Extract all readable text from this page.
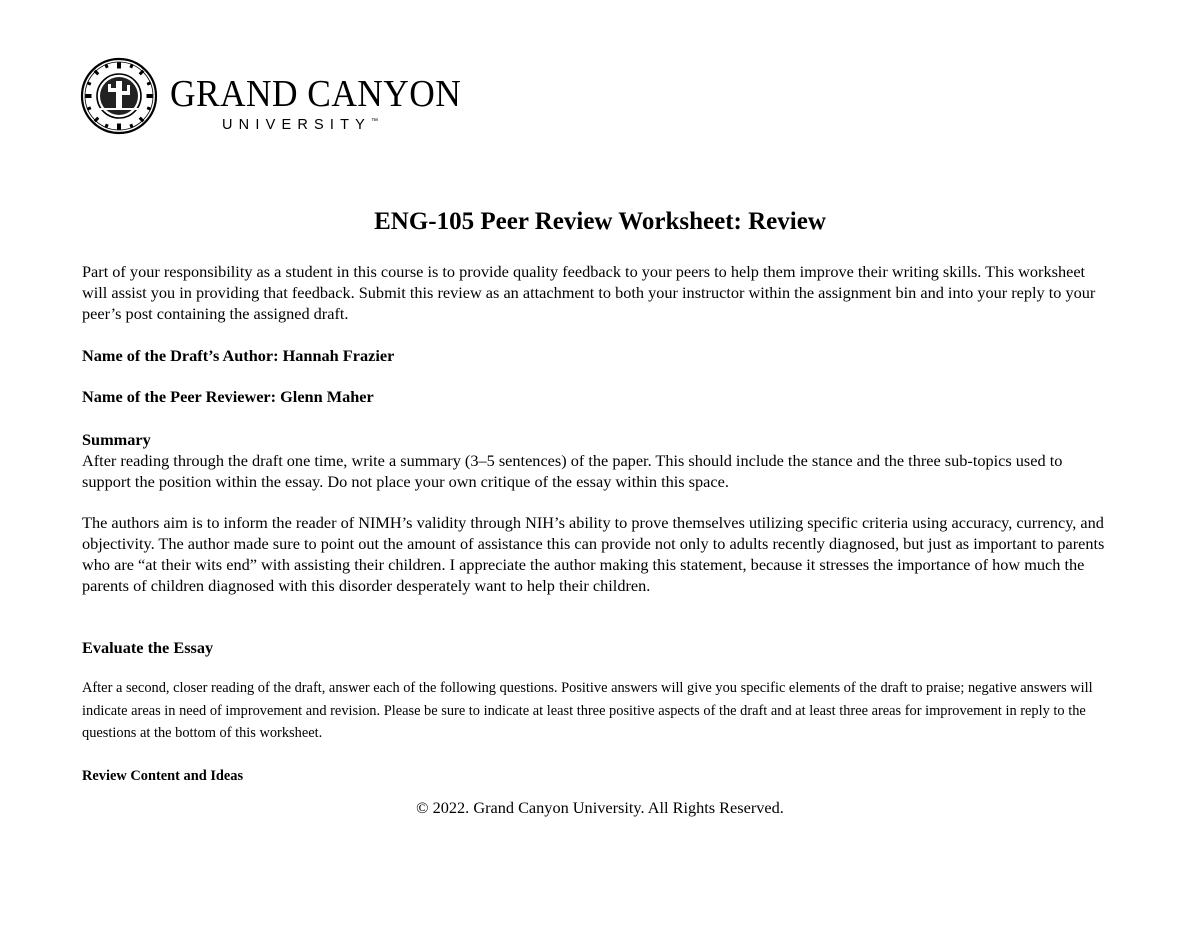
GRAND CANYON
UNIVERSITY™
ENG-105 Peer Review Worksheet: Review
Part of your responsibility as a student in this course is to provide quality feedback to your peers to help them improve their writing skills. This worksheet will assist you in providing that feedback. Submit this review as an attachment to both your instructor within the assignment bin and into your reply to your peer’s post containing the assigned draft.
Name of the Draft’s Author: Hannah Frazier
Name of the Peer Reviewer: Glenn Maher
Summary
After reading through the draft one time, write a summary (3–5 sentences) of the paper. This should include the stance and the three sub-topics used to support the position within the essay. Do not place your own critique of the essay within this space.
The authors aim is to inform the reader of NIMH’s validity through NIH’s ability to prove themselves utilizing specific criteria using accuracy, currency, and objectivity. The author made sure to point out the amount of assistance this can provide not only to adults recently diagnosed, but just as important to parents who are “at their wits end” with assisting their children. I appreciate the author making this statement, because it stresses the importance of how much the parents of children diagnosed with this disorder desperately want to help their children.
Evaluate the Essay
After a second, closer reading of the draft, answer each of the following questions. Positive answers will give you specific elements of the draft to praise; negative answers will indicate areas in need of improvement and revision. Please be sure to indicate at least three positive aspects of the draft and at least three areas for improvement in reply to the questions at the bottom of this worksheet.
Review Content and Ideas
© 2022. Grand Canyon University. All Rights Reserved.
